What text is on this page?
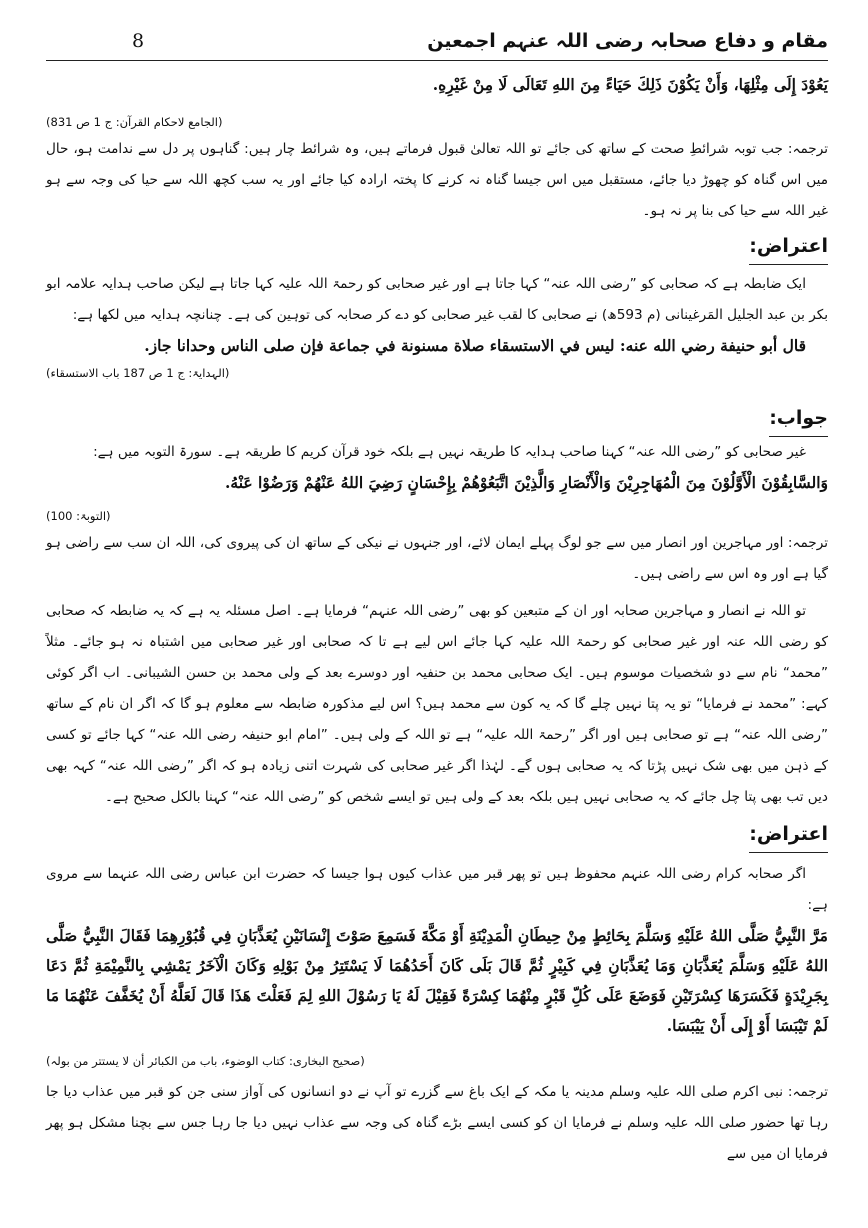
مقام و دفاع صحابہ رضی اللہ عنہم اجمعین
8

يَعُوْدَ إِلَى مِثْلِهَا، وَأَنْ يَكُوْنَ ذَلِكَ حَيَاءً مِنَ اللهِ تَعَالَى لَا مِنْ غَيْرِهِ.

(الجامع لاحکام القرآن: ج 1 ص 831)

ترجمہ: جب توبہ شرائطِ صحت کے ساتھ کی جائے تو اللہ تعالیٰ قبول فرماتے ہیں، وہ شرائط چار ہیں: گناہوں پر دل سے ندامت ہو، حال میں اس گناہ کو چھوڑ دیا جائے، مستقبل میں اس جیسا گناہ نہ کرنے کا پختہ ارادہ کیا جائے اور یہ سب کچھ اللہ سے حیا کی وجہ سے ہو غیر اللہ سے حیا کی بنا پر نہ ہو۔

اعتراض:

ایک ضابطہ ہے کہ صحابی کو ”رضی اللہ عنہ“ کہا جاتا ہے اور غیر صحابی کو رحمۃ اللہ علیہ کہا جاتا ہے لیکن صاحب ہدایہ علامہ ابو بکر بن عبد الجلیل المَرغینانی (م 593ھ) نے صحابی کا لقب غیر صحابی کو دے کر صحابہ کی توہین کی ہے۔ چنانچہ ہدایہ میں لکھا ہے:

قال أبو حنيفة رضي الله عنه: ليس في الاستسقاء صلاة مسنونة في جماعة فإن صلى الناس وحدانا جاز.

(الہدایۃ: ج 1 ص 187 باب الاستسقاء)

جواب:

غیر صحابی کو ”رضی اللہ عنہ“ کہنا صاحب ہدایہ کا طریقہ نہیں ہے بلکہ خود قرآن کریم کا طریقہ ہے۔ سورۃ التوبہ میں ہے:

وَالسَّابِقُوْنَ الْأَوَّلُوْنَ مِنَ الْمُهَاجِرِيْنَ وَالْأَنْصَارِ وَالَّذِيْنَ اتَّبَعُوْهُمْ بِإِحْسَانٍ رَضِيَ اللهُ عَنْهُمْ وَرَضُوْا عَنْهُ.

(التوبۃ: 100)

ترجمہ: اور مہاجرین اور انصار میں سے جو لوگ پہلے ایمان لائے، اور جنہوں نے نیکی کے ساتھ ان کی پیروی کی، اللہ ان سب سے راضی ہو گیا ہے اور وہ اس سے راضی ہیں۔

تو اللہ نے انصار و مہاجرین صحابہ اور ان کے متبعین کو بھی ”رضی اللہ عنہم“ فرمایا ہے۔ اصل مسئلہ یہ ہے کہ یہ ضابطہ کہ صحابی کو رضی اللہ عنہ اور غیر صحابی کو رحمۃ اللہ علیہ کہا جائے اس لیے ہے تا کہ صحابی اور غیر صحابی میں اشتباہ نہ ہو جائے۔ مثلاً ”محمد“ نام سے دو شخصیات موسوم ہیں۔ ایک صحابی محمد بن حنفیہ اور دوسرے بعد کے ولی محمد بن حسن الشیبانی۔ اب اگر کوئی کہے: ”محمد نے فرمایا“ تو یہ پتا نہیں چلے گا کہ یہ کون سے محمد ہیں؟ اس لیے مذکورہ ضابطہ سے معلوم ہو گا کہ اگر ان نام کے ساتھ ”رضی اللہ عنہ“ ہے تو صحابی ہیں اور اگر ”رحمۃ اللہ علیہ“ ہے تو اللہ کے ولی ہیں۔ ”امام ابو حنیفہ رضی اللہ عنہ“ کہا جائے تو کسی کے ذہن میں بھی شک نہیں پڑتا کہ یہ صحابی ہوں گے۔ لہٰذا اگر غیر صحابی کی شہرت اتنی زیادہ ہو کہ اگر ”رضی اللہ عنہ“ کہہ بھی دیں تب بھی پتا چل جائے کہ یہ صحابی نہیں ہیں بلکہ بعد کے ولی ہیں تو ایسے شخص کو ”رضی اللہ عنہ“ کہنا بالکل صحیح ہے۔

اعتراض:

اگر صحابہ کرام رضی اللہ عنہم محفوظ ہیں تو پھر قبر میں عذاب کیوں ہوا جیسا کہ حضرت ابن عباس رضی اللہ عنہما سے مروی ہے:

مَرَّ النَّبِيُّ صَلَّى اللهُ عَلَيْهِ وَسَلَّمَ بِحَائِطٍ مِنْ حِيطَانِ الْمَدِيْنَةِ أَوْ مَكَّةَ فَسَمِعَ صَوْتَ إِنْسَانَيْنِ يُعَذَّبَانِ فِي قُبُوْرِهِمَا فَقَالَ النَّبِيُّ صَلَّى اللهُ عَلَيْهِ وَسَلَّمَ يُعَذَّبَانِ وَمَا يُعَذَّبَانِ فِي كَبِيْرٍ ثُمَّ قَالَ بَلَى كَانَ أَحَدُهُمَا لَا يَسْتَتِرُ مِنْ بَوْلِهِ وَكَانَ الْآخَرُ يَمْشِي بِالنَّمِيْمَةِ ثُمَّ دَعَا بِجَرِيْدَةٍ فَكَسَرَهَا كِسْرَتَيْنِ فَوَضَعَ عَلَى كُلِّ قَبْرٍ مِنْهُمَا كِسْرَةً فَقِيْلَ لَهُ يَا رَسُوْلَ اللهِ لِمَ فَعَلْتَ هَذَا قَالَ لَعَلَّهُ أَنْ يُخَفَّفَ عَنْهُمَا مَا لَمْ تَيْبَسَا أَوْ إِلَى أَنْ يَيْبَسَا.

(صحیح البخاری: کتاب الوضوء، باب من الکبائر أن لا یستتر من بولہ)

ترجمہ: نبی اکرم صلی اللہ علیہ وسلم مدینہ یا مکہ کے ایک باغ سے گزرے تو آپ نے دو انسانوں کی آواز سنی جن کو قبر میں عذاب دیا جا رہا تھا حضور صلی اللہ علیہ وسلم نے فرمایا ان کو کسی ایسے بڑے گناہ کی وجہ سے عذاب نہیں دیا جا رہا جس سے بچنا مشکل ہو پھر فرمایا ان میں سے
